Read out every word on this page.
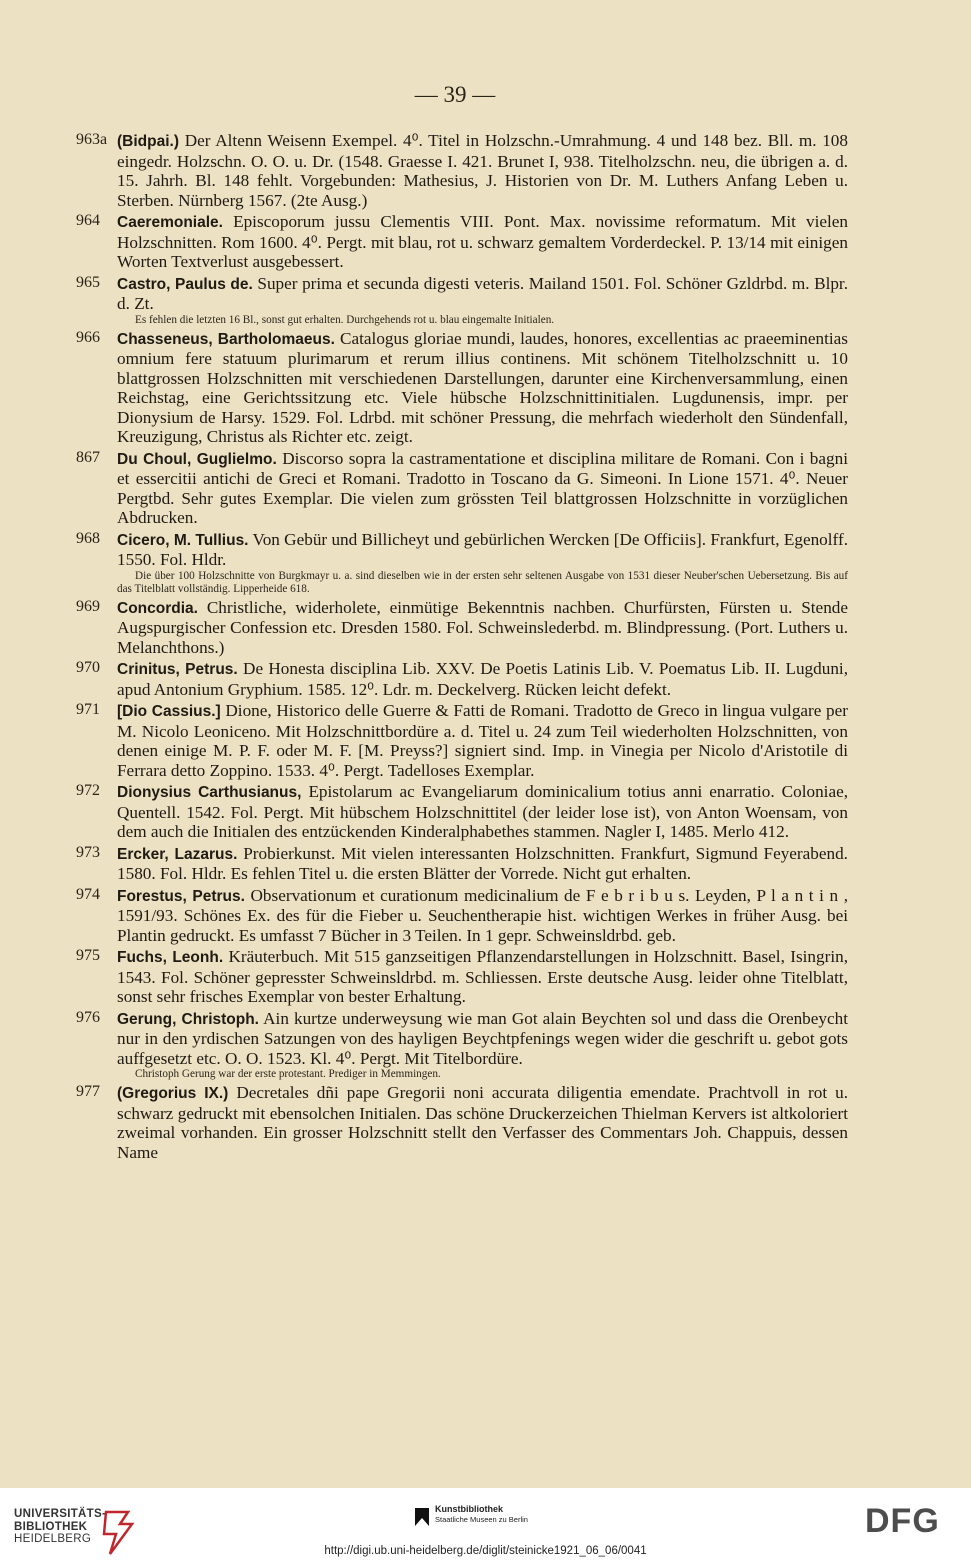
— 39 —
963a (Bidpai.) Der Altenn Weisenn Exempel. 4⁰. Titel in Holzschn.-Umrahmung. 4 und 148 bez. Bll. m. 108 eingedr. Holzschn. O. O. u. Dr. (1548. Graesse I. 421. Brunet I, 938. Titelholzschn. neu, die übrigen a. d. 15. Jahrh. Bl. 148 fehlt. Vorgebunden: Mathesius, J. Historien von Dr. M. Luthers Anfang Leben u. Sterben. Nürnberg 1567. (2te Ausg.)
964 Caeremoniale. Episcoporum jussu Clementis VIII. Pont. Max. novissime reformatum. Mit vielen Holzschnitten. Rom 1600. 4⁰. Pergt. mit blau, rot u. schwarz gemaltem Vorderdeckel. P. 13/14 mit einigen Worten Textverlust ausgebessert.
965 Castro, Paulus de. Super prima et secunda digesti veteris. Mailand 1501. Fol. Schöner Gzldrbd. m. Blpr. d. Zt.
Es fehlen die letzten 16 Bl., sonst gut erhalten. Durchgehends rot u. blau eingemalte Initialen.
966 Chasseneus, Bartholomaeus. Catalogus gloriae mundi, laudes, honores, excellentias ac praeeminentias omnium fere statuum plurimarum et rerum illius continens. Mit schönem Titelholzschnitt u. 10 blattgrossen Holzschnitten mit verschiedenen Darstellungen, darunter eine Kirchenversammlung, einen Reichstag, eine Gerichtssitzung etc. Viele hübsche Holzschnittinitialen. Lugdunensis, impr. per Dionysium de Harsy. 1529. Fol. Ldrbd. mit schöner Pressung, die mehrfach wiederholt den Sündenfall, Kreuzigung, Christus als Richter etc. zeigt.
867 Du Choul, Guglielmo. Discorso sopra la castramentatione et disciplina militare de Romani. Con i bagni et essercitii antichi de Greci et Romani. Tradotto in Toscano da G. Simeoni. In Lione 1571. 4⁰. Neuer Pergtbd. Sehr gutes Exemplar. Die vielen zum grössten Teil blattgrossen Holzschnitte in vorzüglichen Abdrucken.
968 Cicero, M. Tullius. Von Gebür und Billicheyt und gebürlichen Wercken [De Officiis]. Frankfurt, Egenolff. 1550. Fol. Hldr.
Die über 100 Holzschnitte von Burgkmayr u. a. sind dieselben wie in der ersten sehr seltenen Ausgabe von 1531 dieser Neuber'schen Uebersetzung. Bis auf das Titelblatt vollständig. Lipperheide 618.
969 Concordia. Christliche, widerholete, einmütige Bekenntnis nachben. Churfürsten, Fürsten u. Stende Augspurgischer Confession etc. Dresden 1580. Fol. Schweinslederbd. m. Blindpressung. (Port. Luthers u. Melanchthons.)
970 Crinitus, Petrus. De Honesta disciplina Lib. XXV. De Poetis Latinis Lib. V. Poematus Lib. II. Lugduni, apud Antonium Gryphium. 1585. 12⁰. Ldr. m. Deckelverg. Rücken leicht defekt.
971 [Dio Cassius.] Dione, Historico delle Guerre & Fatti de Romani. Tradotto de Greco in lingua vulgare per M. Nicolo Leoniceno. Mit Holzschnittbordüre a. d. Titel u. 24 zum Teil wiederholten Holzschnitten, von denen einige M. P. F. oder M. F. [M. Preyss?] signiert sind. Imp. in Vinegia per Nicolo d'Aristotile di Ferrara detto Zoppino. 1533. 4⁰. Pergt. Tadelloses Exemplar.
972 Dionysius Carthusianus, Epistolarum ac Evangeliarum dominicalium totius anni enarratio. Coloniae, Quentell. 1542. Fol. Pergt. Mit hübschem Holzschnittitel (der leider lose ist), von Anton Woensam, von dem auch die Initialen des entzückenden Kinderalphabethes stammen. Nagler I, 1485. Merlo 412.
973 Ercker, Lazarus. Probierkunst. Mit vielen interessanten Holzschnitten. Frankfurt, Sigmund Feyerabend. 1580. Fol. Hldr. Es fehlen Titel u. die ersten Blätter der Vorrede. Nicht gut erhalten.
974 Forestus, Petrus. Observationum et curationum medicinalium de F e b r i b u s. Leyden, P l a n t i n , 1591/93. Schönes Ex. des für die Fieber u. Seuchentherapie hist. wichtigen Werkes in früher Ausg. bei Plantin gedruckt. Es umfasst 7 Bücher in 3 Teilen. In 1 gepr. Schweinsldrbd. geb.
975 Fuchs, Leonh. Kräuterbuch. Mit 515 ganzseitigen Pflanzendarstellungen in Holzschnitt. Basel, Isingrin, 1543. Fol. Schöner gepresster Schweinsldrbd. m. Schliessen. Erste deutsche Ausg. leider ohne Titelblatt, sonst sehr frisches Exemplar von bester Erhaltung.
976 Gerung, Christoph. Ain kurtze underweysung wie man Got alain Beychten sol und dass die Orenbeycht nur in den yrdischen Satzungen von des hayligen Beychtpfenings wegen wider die geschrift u. gebot gots auffgesetzt etc. O. O. 1523. Kl. 4⁰. Pergt. Mit Titelbordüre.
Christoph Gerung war der erste protestant. Prediger in Memmingen.
977 (Gregorius IX.) Decretales dñi pape Gregorii noni accurata diligentia emendate. Prachtvoll in rot u. schwarz gedruckt mit ebensolchen Initialen. Das schöne Druckerzeichen Thielman Kervers ist altkoloriert zweimal vorhanden. Ein grosser Holzschnitt stellt den Verfasser des Commentars Joh. Chappuis, dessen Name
UNIVERSITÄTS-
BIBLIOTHEK
HEIDELBERG
Kunstbibliothek
Staatliche Museen zu Berlin	DFG
http://digi.ub.uni-heidelberg.de/diglit/steinicke1921_06_06/0041
